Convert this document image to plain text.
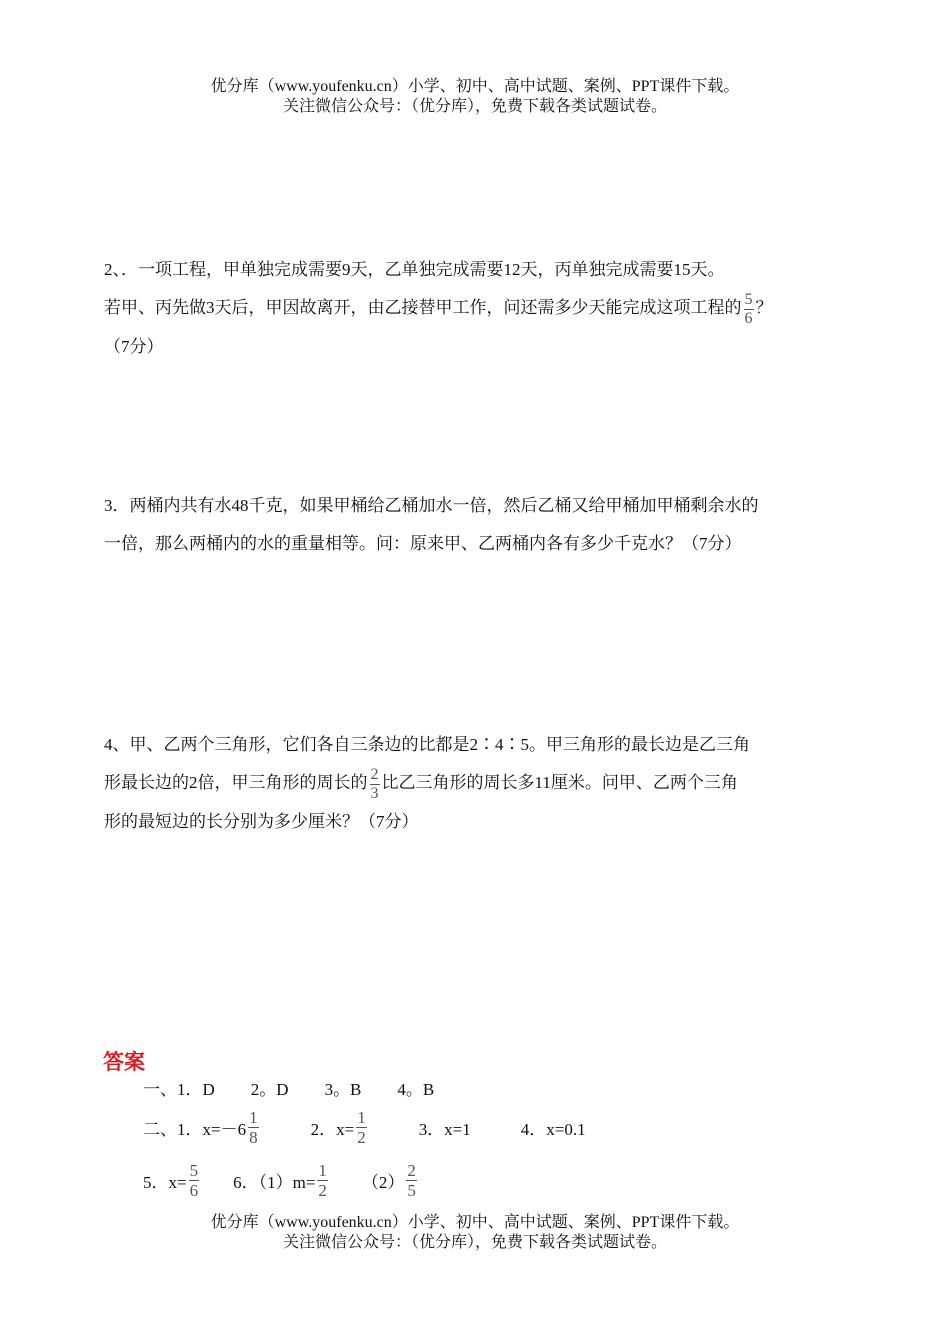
优分库（www.youfenku.cn）小学、初中、高中试题、案例、PPT课件下载。
关注微信公众号：（优分库），免费下载各类试题试卷。
2、．一项工程，甲单独完成需要9天，乙单独完成需要12天，丙单独完成需要15天。
若甲、丙先做3天后，甲因故离开，由乙接替甲工作，问还需多少天能完成这项工程的 $\frac{5}{6}$ ？
（7分）
3．两桶内共有水48千克，如果甲桶给乙桶加水一倍，然后乙桶又给甲桶加甲桶剩余水的
一倍，那么两桶内的水的重量相等。问：原来甲、乙两桶内各有多少千克水？（7分）
4、甲、乙两个三角形，它们各自三条边的比都是2∶4∶5。甲三角形的最长边是乙三角
形最长边的2倍，甲三角形的周长的 $\frac{2}{3}$ 比乙三角形的周长多11厘米。问甲、乙两个三角
形的最短边的长分别为多少厘米？（7分）
答案
一、1．D 2。D 3。B 4。B
二、1．$x=-6 \frac{1}{8}$	2．$x= \frac{1}{2}$	3．x=1	4．x=0.1
5．$x= \frac{5}{6} 6$．$(1)m= \frac{1}{2} (2) \frac{2}{5}$
优分库（www.youfenku.cn）小学、初中、高中试题、案例、PPT课件下载。
关注微信公众号：（优分库），免费下载各类试题试卷。
